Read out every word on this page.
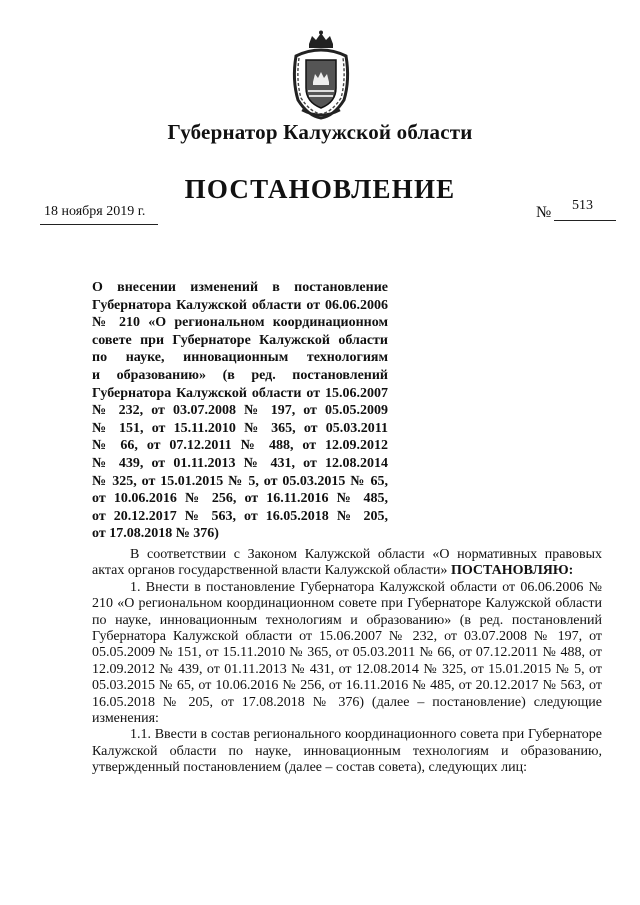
Губернатор Калужской области
ПОСТАНОВЛЕНИЕ
18 ноября 2019 г.	№ 513
О внесении изменений в постановление
Губернатора Калужской области от 06.06.2006
№ 210 «О региональном координационном
совете при Губернаторе Калужской области
по науке, инновационным технологиям
и образованию» (в ред. постановлений
Губернатора Калужской области от 15.06.2007
№ 232, от 03.07.2008 № 197, от 05.05.2009
№ 151, от 15.11.2010 № 365, от 05.03.2011
№ 66, от 07.12.2011 № 488, от 12.09.2012
№ 439, от 01.11.2013 № 431, от 12.08.2014
№ 325, от 15.01.2015 № 5, от 05.03.2015 № 65,
от 10.06.2016 № 256, от 16.11.2016 № 485,
от 20.12.2017 № 563, от 16.05.2018 № 205,
от 17.08.2018 № 376)

В соответствии с Законом Калужской области «О нормативных правовых актах органов государственной власти Калужской области» ПОСТАНОВЛЯЮ:

1. Внести в постановление Губернатора Калужской области от 06.06.2006 № 210 «О региональном координационном совете при Губернаторе Калужской области по науке, инновационным технологиям и образованию» (в ред. постановлений Губернатора Калужской области от 15.06.2007 № 232, от 03.07.2008 № 197, от 05.05.2009 № 151, от 15.11.2010 № 365, от 05.03.2011 № 66, от 07.12.2011 № 488, от 12.09.2012 № 439, от 01.11.2013 № 431, от 12.08.2014 № 325, от 15.01.2015 № 5, от 05.03.2015 № 65, от 10.06.2016 № 256, от 16.11.2016 № 485, от 20.12.2017 № 563, от 16.05.2018 № 205, от 17.08.2018 № 376) (далее – постановление) следующие изменения:

1.1. Ввести в состав регионального координационного совета при Губернаторе Калужской области по науке, инновационным технологиям и образованию, утвержденный постановлением (далее – состав совета), следующих лиц:
